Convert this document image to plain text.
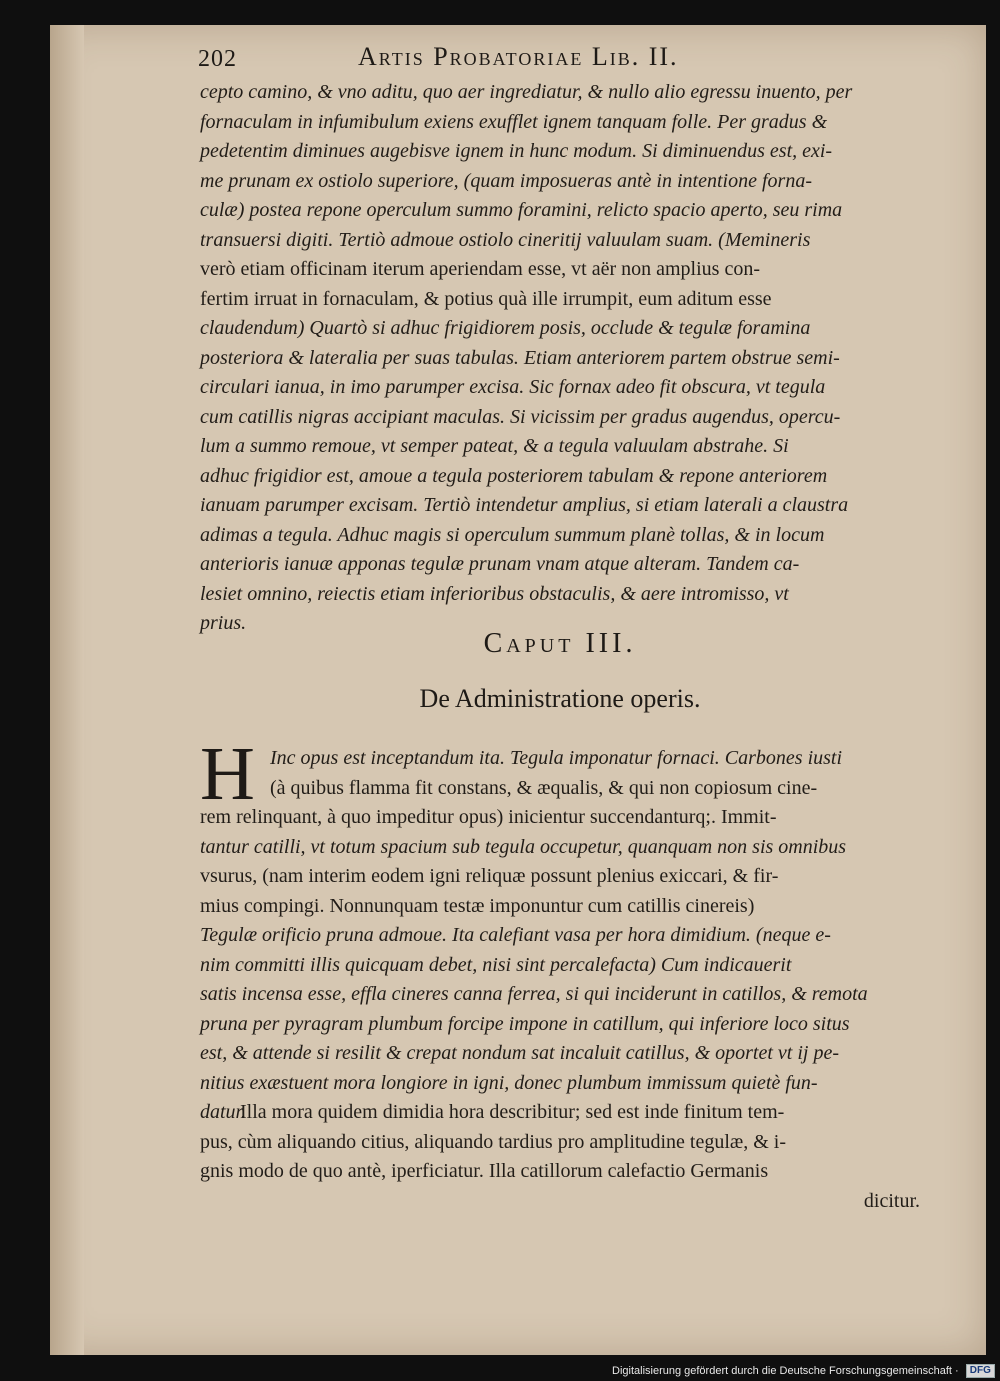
202	Artis Probatoriae Lib. II.
cepto camino, & vno aditu, quo aer ingrediatur, & nullo alio egressu inuento, per
fornaculam in infumibulum exiens exufflet ignem tanquam folle. Per gradus &
pedetentim diminues augebisve ignem in hunc modum. Si diminuendus est, exi-
me prunam ex ostiolo superiore, (quam imposueras antè in intentione forna-
culæ) postea repone operculum summo foramini, relicto spacio aperto, seu rima
transuersi digiti. Tertiò admoue ostiolo cineritij valuulam suam. (Memineris
verò etiam officinam iterum aperiendam esse, vt aër non amplius con-
fertim irruat in fornaculam, & potius quà ille irrumpit, eum aditum esse
claudendum) Quartò si adhuc frigidiorem posis, occlude & tegulæ foramina
posteriora & lateralia per suas tabulas. Etiam anteriorem partem obstrue semi-
circulari ianua, in imo parumper excisa. Sic fornax adeo fit obscura, vt tegula
cum catillis nigras accipiant maculas. Si vicissim per gradus augendus, opercu-
lum a summo remoue, vt semper pateat, & a tegula valuulam abstrahe. Si
adhuc frigidior est, amoue a tegula posteriorem tabulam & repone anteriorem
ianuam parumper excisam. Tertiò intendetur amplius, si etiam laterali a claustra
adimas a tegula. Adhuc magis si operculum summum planè tollas, & in locum
anterioris ianuæ apponas tegulæ prunam vnam atque alteram. Tandem ca-
lesiet omnino, reiectis etiam inferioribus obstaculis, & aere intromisso, vt
prius.
Caput III.
De Administratione operis.
H Inc opus est inceptandum ita. Tegula imponatur fornaci. Carbones iusti
(à quibus flamma fit constans, & æqualis, & qui non copiosum cine-
rem relinquant, à quo impeditur opus) inicientur succendanturq;. Immit-
tantur catilli, vt totum spacium sub tegula occupetur, quanquam non sis omnibus
vsurus, (nam interim eodem igni reliquæ possunt plenius exiccari, & fir-
mius compingi. Nonnunquam testæ imponuntur cum catillis cinereis)
Tegulæ orificio pruna admoue. Ita calefiant vasa per hora dimidium. (neque e-
nim committi illis quicquam debet, nisi sint percalefacta) Cum indicauerit
satis incensa esse, effla cineres canna ferrea, si qui inciderunt in catillos, & remota
pruna per pyragram plumbum forcipe impone in catillum, qui inferiore loco situs
est, & attende si resilit & crepat nondum sat incaluit catillus, & oportet vt ij pe-
nitius exæstuent mora longiore in igni, donec plumbum immissum quietè fun-
datur.
Illa mora quidem dimidia hora describitur; sed est inde finitum tem-
pus, cùm aliquando citius, aliquando tardius pro amplitudine tegulæ, & i-
gnis modo de quo antè, iperficiatur. Illa catillorum calefactio Germanis
dicitur.
Digitalisierung gefördert durch die Deutsche Forschungsgemeinschaft · DFG
